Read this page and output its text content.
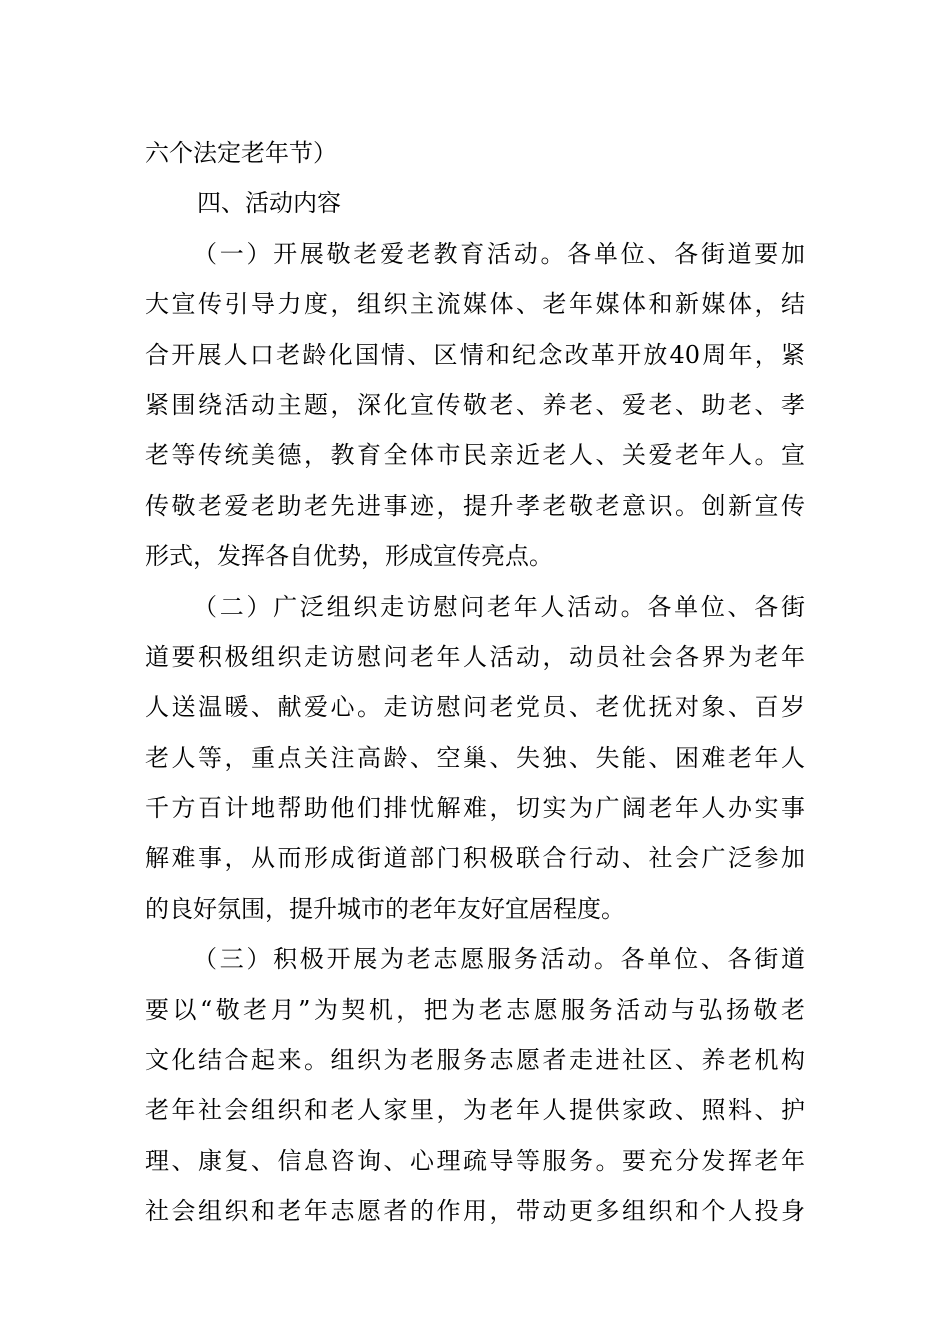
六个法定老年节）
四、活动内容
（一）开展敬老爱老教育活动。各单位、各街道要加
大宣传引导力度，组织主流媒体、老年媒体和新媒体，结
合开展人口老龄化国情、区情和纪念改革开放40周年，紧
紧围绕活动主题，深化宣传敬老、养老、爱老、助老、孝
老等传统美德，教育全体市民亲近老人、关爱老年人。宣
传敬老爱老助老先进事迹，提升孝老敬老意识。创新宣传
形式，发挥各自优势，形成宣传亮点。
（二）广泛组织走访慰问老年人活动。各单位、各街
道要积极组织走访慰问老年人活动，动员社会各界为老年
人送温暖、献爱心。走访慰问老党员、老优抚对象、百岁
老人等，重点关注高龄、空巢、失独、失能、困难老年人
千方百计地帮助他们排忧解难，切实为广阔老年人办实事
解难事，从而形成街道部门积极联合行动、社会广泛参加
的良好氛围，提升城市的老年友好宜居程度。
（三）积极开展为老志愿服务活动。各单位、各街道
要以“敬老月”为契机，把为老志愿服务活动与弘扬敬老
文化结合起来。组织为老服务志愿者走进社区、养老机构
老年社会组织和老人家里，为老年人提供家政、照料、护
理、康复、信息咨询、心理疏导等服务。要充分发挥老年
社会组织和老年志愿者的作用，带动更多组织和个人投身
